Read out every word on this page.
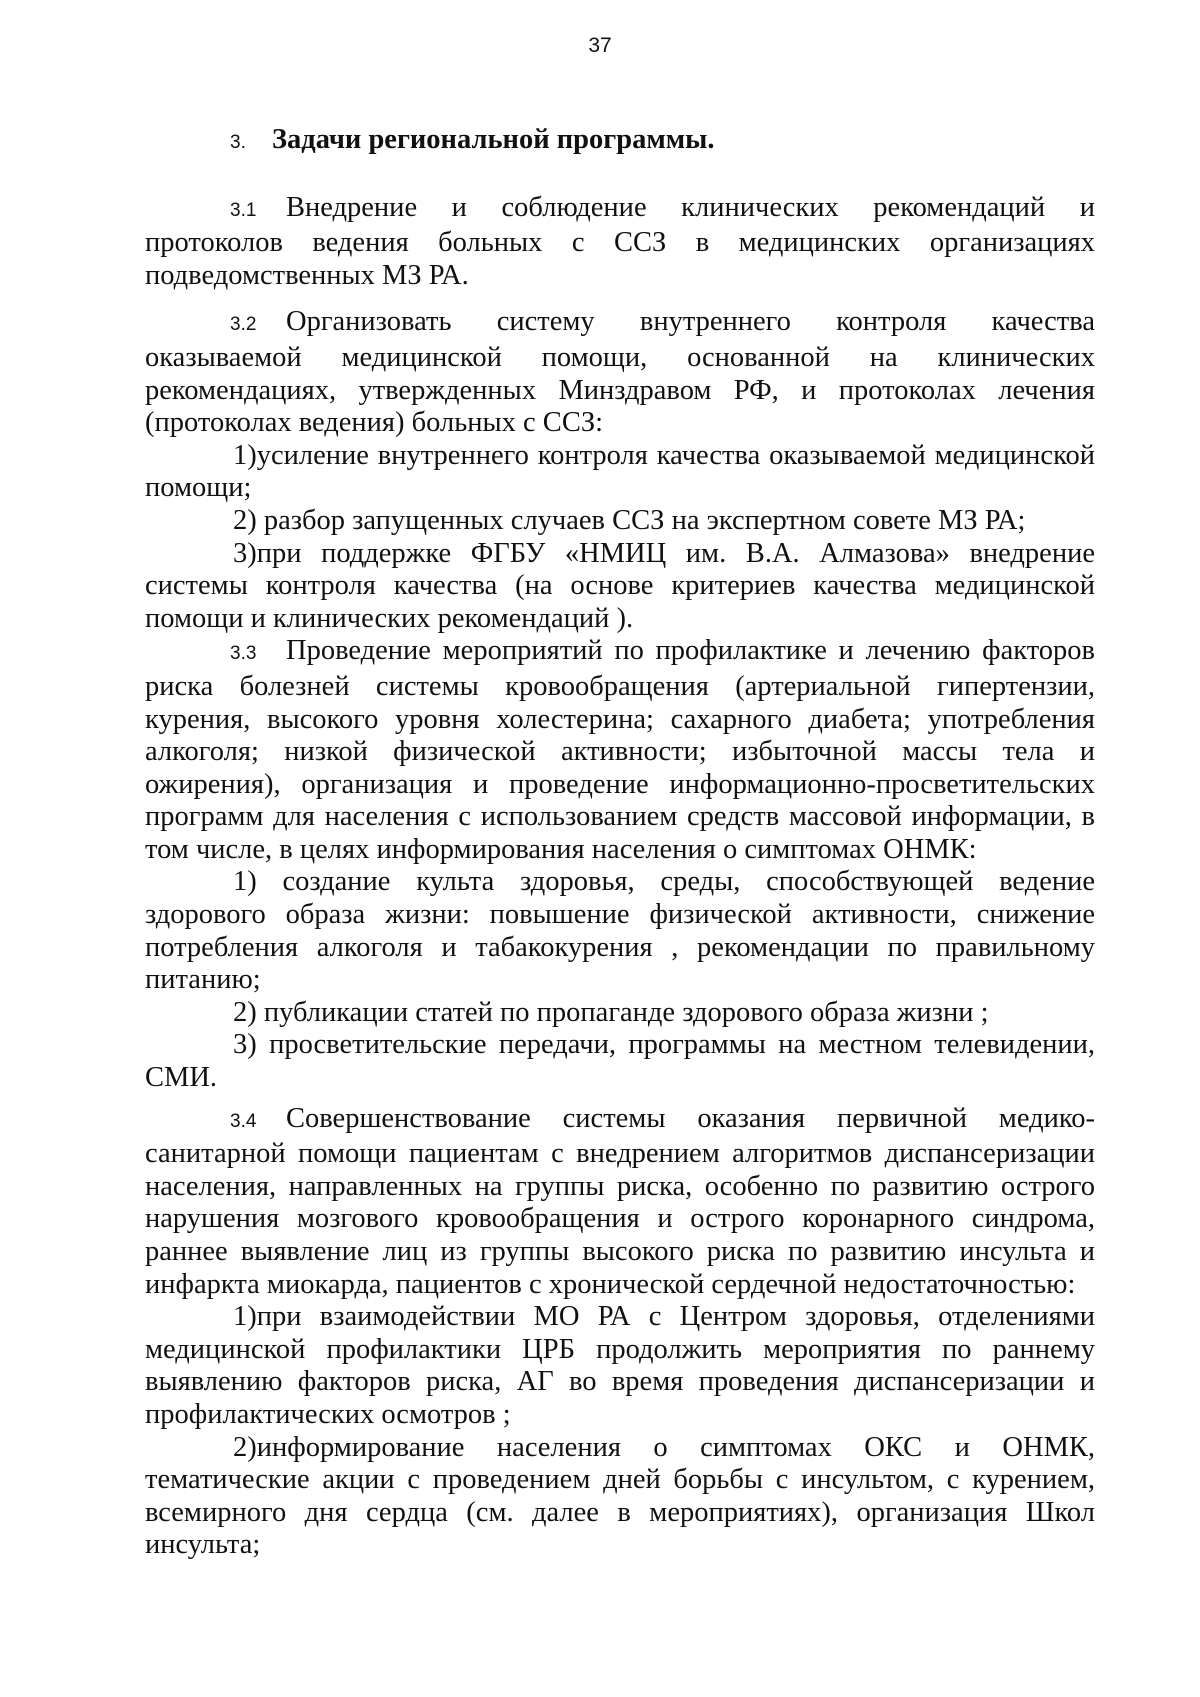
37
3. Задачи региональной программы.

3.1 Внедрение и соблюдение клинических рекомендаций и протоколов ведения больных с ССЗ в медицинских организациях подведомственных МЗ РА.

3.2 Организовать систему внутреннего контроля качества оказываемой медицинской помощи, основанной на клинических рекомендациях, утвержденных Минздравом РФ, и протоколах лечения (протоколах ведения) больных с ССЗ:

1)усиление внутреннего контроля качества оказываемой медицинской помощи;

2) разбор запущенных случаев ССЗ на экспертном совете МЗ РА;

3)при поддержке ФГБУ «НМИЦ им. В.А. Алмазова» внедрение системы контроля качества (на основе критериев качества медицинской помощи и клинических рекомендаций ).

3.3 Проведение мероприятий по профилактике и лечению факторов риска болезней системы кровообращения (артериальной гипертензии, курения, высокого уровня холестерина; сахарного диабета; употребления алкоголя; низкой физической активности; избыточной массы тела и ожирения), организация и проведение информационно-просветительских программ для населения с использованием средств массовой информации, в том числе, в целях информирования населения о симптомах ОНМК:

1) создание культа здоровья, среды, способствующей ведение здорового образа жизни: повышение физической активности, снижение потребления алкоголя и табакокурения , рекомендации по правильному питанию;

2) публикации статей по пропаганде здорового образа жизни ;

3) просветительские передачи, программы на местном телевидении, СМИ.

3.4 Совершенствование системы оказания первичной медико-санитарной помощи пациентам с внедрением алгоритмов диспансеризации населения, направленных на группы риска, особенно по развитию острого нарушения мозгового кровообращения и острого коронарного синдрома, раннее выявление лиц из группы высокого риска по развитию инсульта и инфаркта миокарда, пациентов с хронической сердечной недостаточностью:

1)при взаимодействии МО РА с Центром здоровья, отделениями медицинской профилактики ЦРБ продолжить мероприятия по раннему выявлению факторов риска, АГ во время проведения диспансеризации и профилактических осмотров ;

2)информирование населения о симптомах ОКС и ОНМК, тематические акции с проведением дней борьбы с инсультом, с курением, всемирного дня сердца (см. далее в мероприятиях), организация Школ инсульта;
